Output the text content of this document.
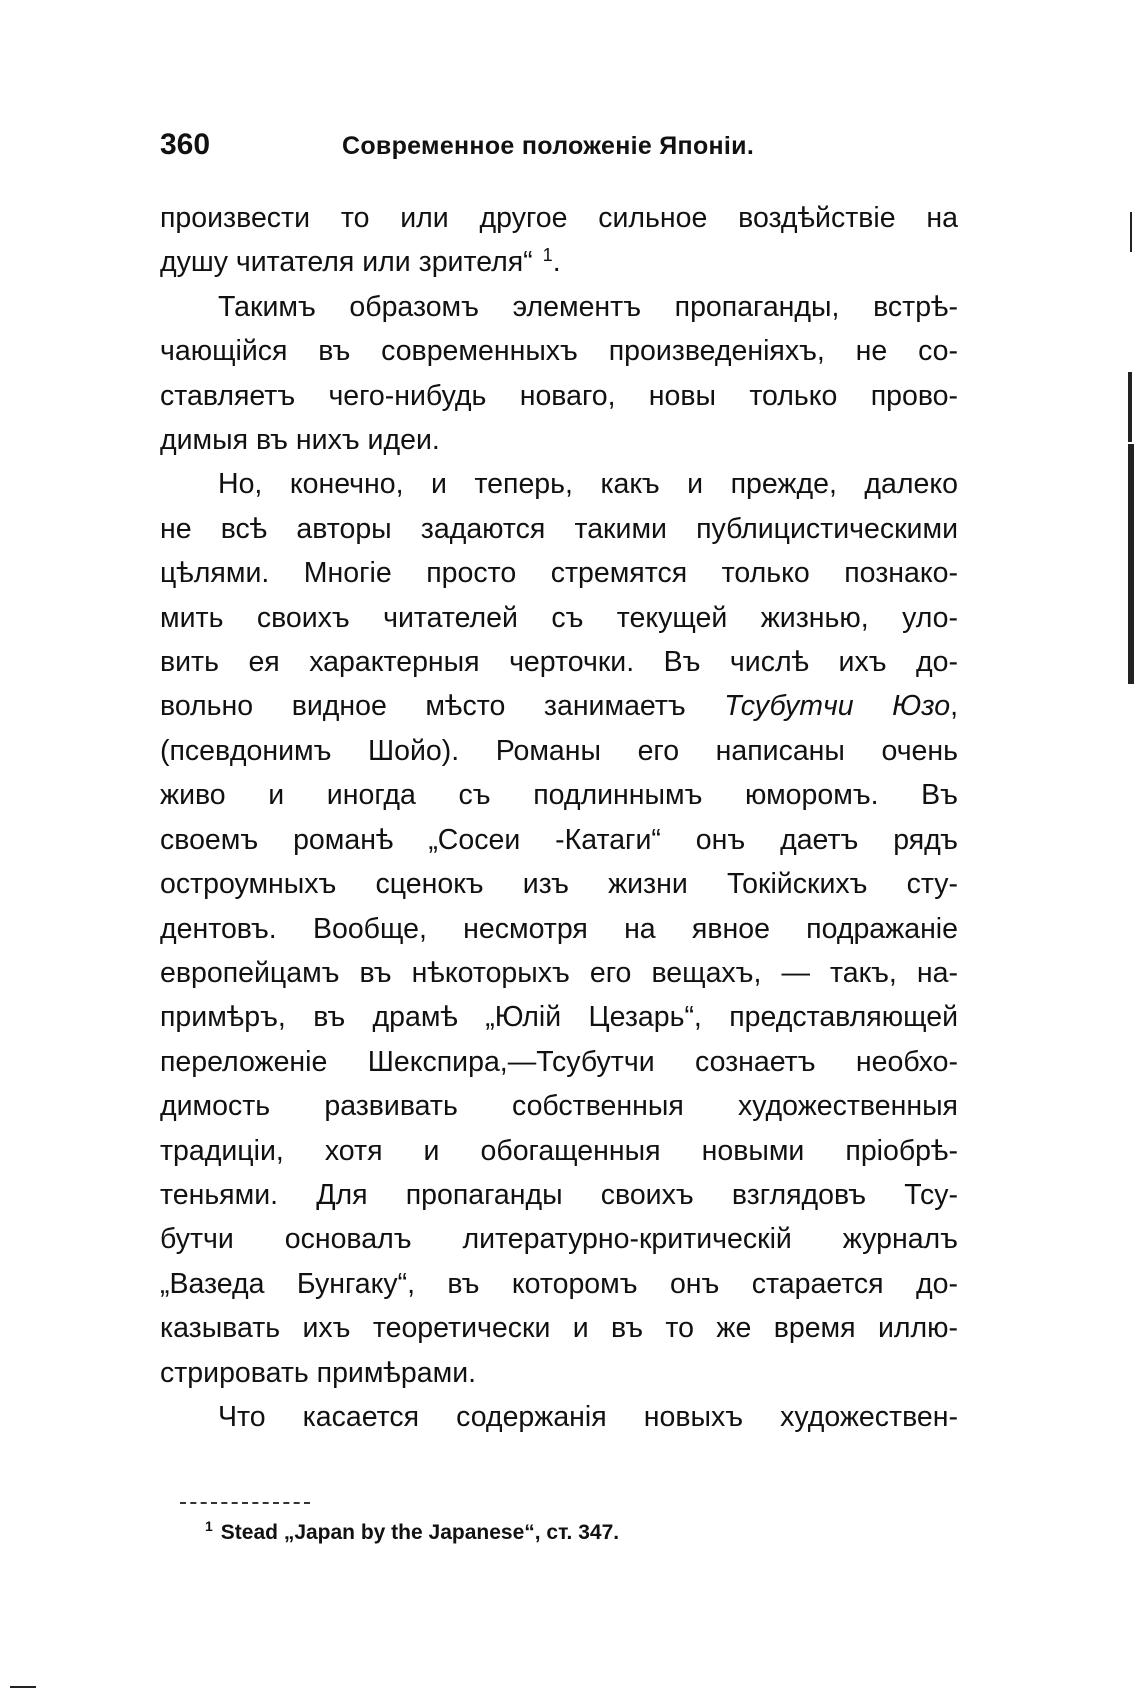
360	Современное положенiе Японiи.
произвести то или другое сильное воздѣйствiе на
душу читателя или зрителя“ $^1$.
Такимъ образомъ элементъ пропаганды, встрѣ-
чающiйся въ современныхъ произведенiяхъ, не со-
ставляетъ чего-нибудь новаго, новы только прово-
димыя въ нихъ идеи.
Но, конечно, и теперь, какъ и прежде, далеко
не всѣ авторы задаются такими публицистическими
цѣлями. Многiе просто стремятся только познако-
мить своихъ читателей съ текущей жизнью, уло-
вить ея характерныя черточки. Въ числѣ ихъ до-
вольно видное мѣсто занимаетъ Тсубутчи Юзо,
(псевдонимъ Шойо). Романы его написаны очень
живо и иногда съ подлиннымъ юморомъ. Въ
своемъ романѣ „Сосеи -Катаги“ онъ даетъ рядъ
остроумныхъ сценокъ изъ жизни Токiйскихъ сту-
дентовъ. Вообще, несмотря на явное подражанiе
европейцамъ въ нѣкоторыхъ его вещахъ, — такъ, на-
примѣръ, въ драмѣ „Юлiй Цезарь“, представляющей
переложенiе Шекспира,—Тсубутчи сознаетъ необхо-
димость развивать собственныя художественныя
традицiи, хотя и обогащенныя новыми прiобрѣ-
теньями. Для пропаганды своихъ взглядовъ Тсу-
бутчи основалъ литературно-критическiй журналъ
„Вазеда Бунгаку“, въ которомъ онъ старается до-
казывать ихъ теоретически и въ то же время иллю-
стрировать примѣрами.
Что касается содержанiя новыхъ художествен-
$^1$ Stead „Japan by the Japanese“, ст. 347.
